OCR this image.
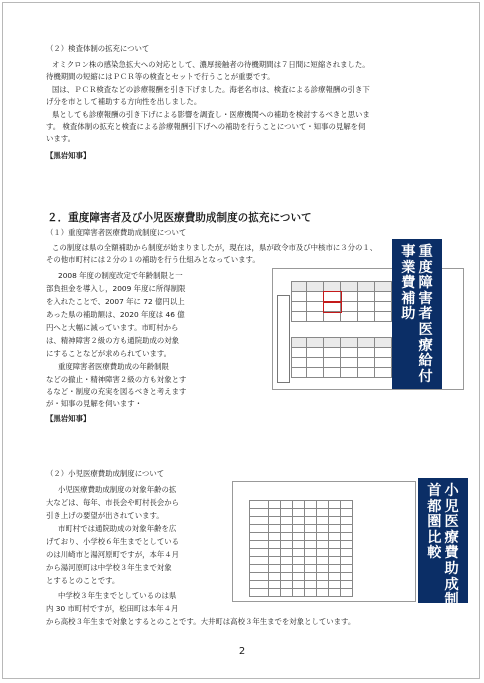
（２）検査体制の拡充について
オミクロン株の感染急拡大への対応として、濃厚接触者の待機期間は７日間に短縮されました。
待機期間の短縮にはＰＣＲ等の検査とセットで行うことが重要です。
国は、ＰＣＲ検査などの診療報酬を引き下げました。海老名市は、検査による診療報酬の引き下
げ分を市として補助する方向性を出しました。
県としても診療報酬の引き下げによる影響を調査し・医療機関への補助を検討するべきと思いま
す。 検査体制の拡充と検査による診療報酬引下げへの補助を行うことについて・知事の見解を伺
います。
【黒岩知事】
２．重度障害者及び小児医療費助成制度の拡充について
（１）重度障害者医療費助成制度について
この制度は県の全額補助から制度が始まりましたが，現在は，県が政令市及び中核市に３分の１、
その他市町村には２分の１の補助を行う仕組みとなっています。
2008 年度の制度改定で年齢制限と一
部負担金を導入し，2009 年度に所得制限
を入れたことで、2007 年に 72 億円以上
あった県の補助額は、2020 年度は 46 億
円へと大幅に減っています。市町村から
は、精神障害２級の方も通院助成の対象
にすることなどが求められています。
重度障害者医療費助成の年齢制限
などの撤止・精神障害２級の方も対象とす
るなど・制度の充実を図るべきと考えます
が・知事の見解を伺います・
【黒岩知事】

重
度
障
害
者
医
療
給
付
事
業
費
補
助
（２）小児医療費助成制度について
小児医療費助成制度の対象年齢の拡
大などは、毎年、市長会や町村長会から
引き上げの要望が出されています。
市町村では通院助成の対象年齢を広
げており、小学校６年生までとしている
のは川崎市と湯河原町ですが，本年４月
から湯河原町は中学校３年生まで対象
とするとのことです。
中学校３年生までとしているのは県
内 30 市町村ですが，松田町は本年４月
から高校３年生まで対象とするとのことです。大井町は高校３年生までを対象としています。

小
児
医
療
費
助
成
制
度
首
都
圏
比
較
2
